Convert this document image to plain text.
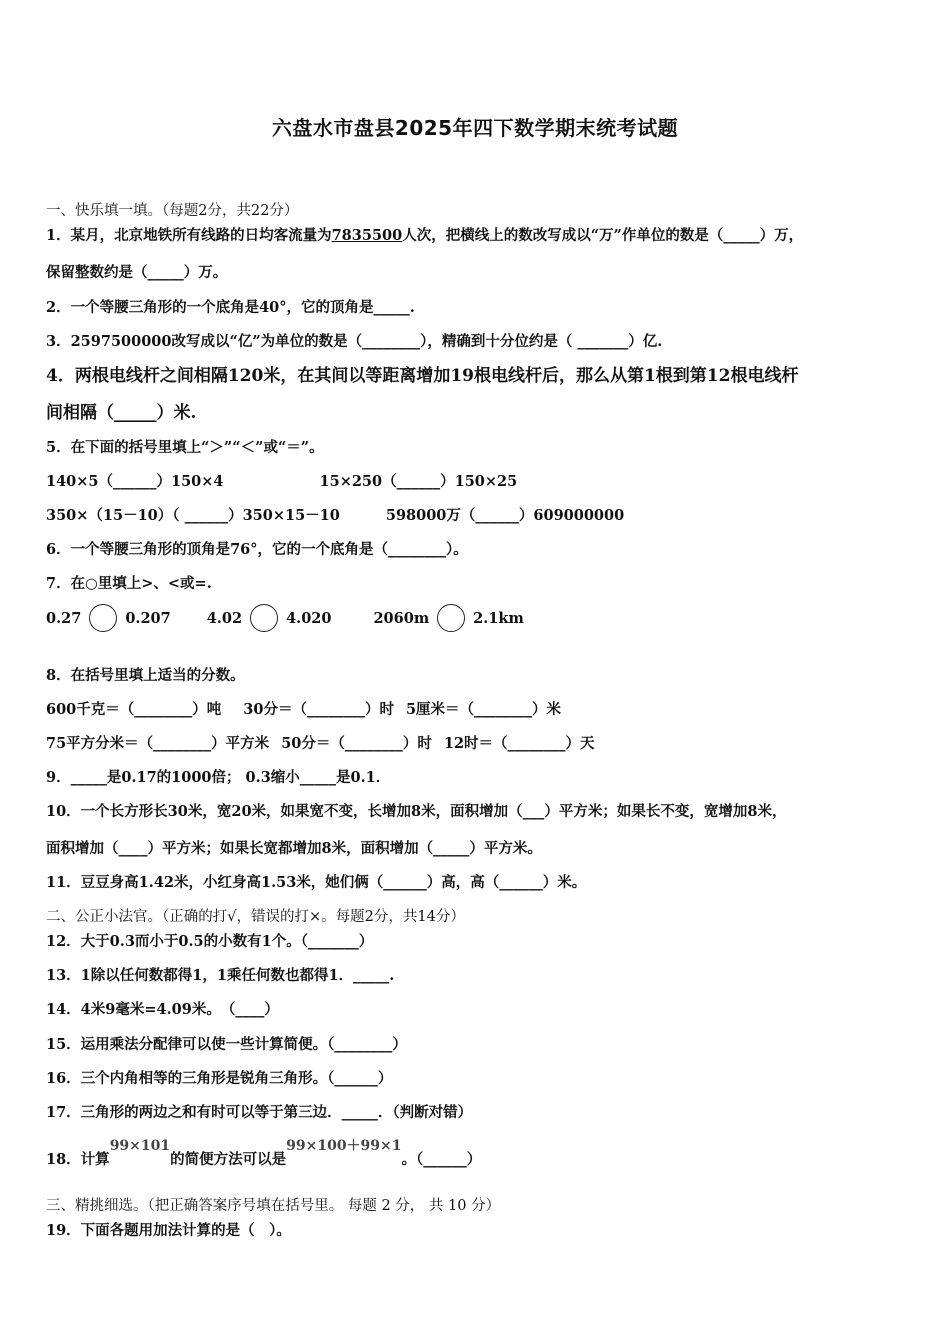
六盘水市盘县2025年四下数学期末统考试题
一、快乐填一填。（每题2分，共22分）
1．某月，北京地铁所有线路的日均客流量为7835500人次，把横线上的数改写成以“万”作单位的数是（_____）万，
保留整数约是（_____）万。
2．一个等腰三角形的一个底角是40°，它的顶角是_____.
3．2597500000改写成以“亿”为单位的数是（________），精确到十分位约是（ _______）亿.
4．两根电线杆之间相隔120米，在其间以等距离增加19根电线杆后，那么从第1根到第12根电线杆
间相隔（_____）米.
5．在下面的括号里填上“＞”“＜”或“＝”。
140×5（______）150×4	15×250（______）150×25
350×（15－10）（ ______）350×15－10	598000万（______）609000000
6．一个等腰三角形的顶角是76°，它的一个底角是（________）。
7．在○里填上>、<或=.
0.27	0.207 4.02	4.020	2060m	2.1km
8．在括号里填上适当的分数。
600千克＝（________）吨 30分＝（________）时 5厘米＝（________）米
75平方分米＝（________）平方米 50分＝（________）时 12时＝（________）天
9．_____是0.17的1000倍； 0.3缩小_____是0.1．
10．一个长方形长30米，宽20米，如果宽不变，长增加8米，面积增加（___）平方米；如果长不变，宽增加8米，
面积增加（____）平方米；如果长宽都增加8米，面积增加（_____）平方米。
11．豆豆身高1.42米，小红身高1.53米，她们俩（______）高，高（______）米。
二、公正小法官。（正确的打√，错误的打×。每题2分，共14分）
12．大于0.3而小于0.5的小数有1个。（_______）
13．1除以任何数都得1，1乘任何数也都得1．_____.
14．4米9毫米=4.09米。　（____）
15．运用乘法分配律可以使一些计算简便。（________）
16．三个内角相等的三角形是锐角三角形。（______）
17．三角形的两边之和有时可以等于第三边．_____．（判断对错）
18．计算99×101的简便方法可以是99×100＋99×1。（______）
三、精挑细选。（把正确答案序号填在括号里。 每题 2 分， 共 10 分）
19．下面各题用加法计算的是（　）。
